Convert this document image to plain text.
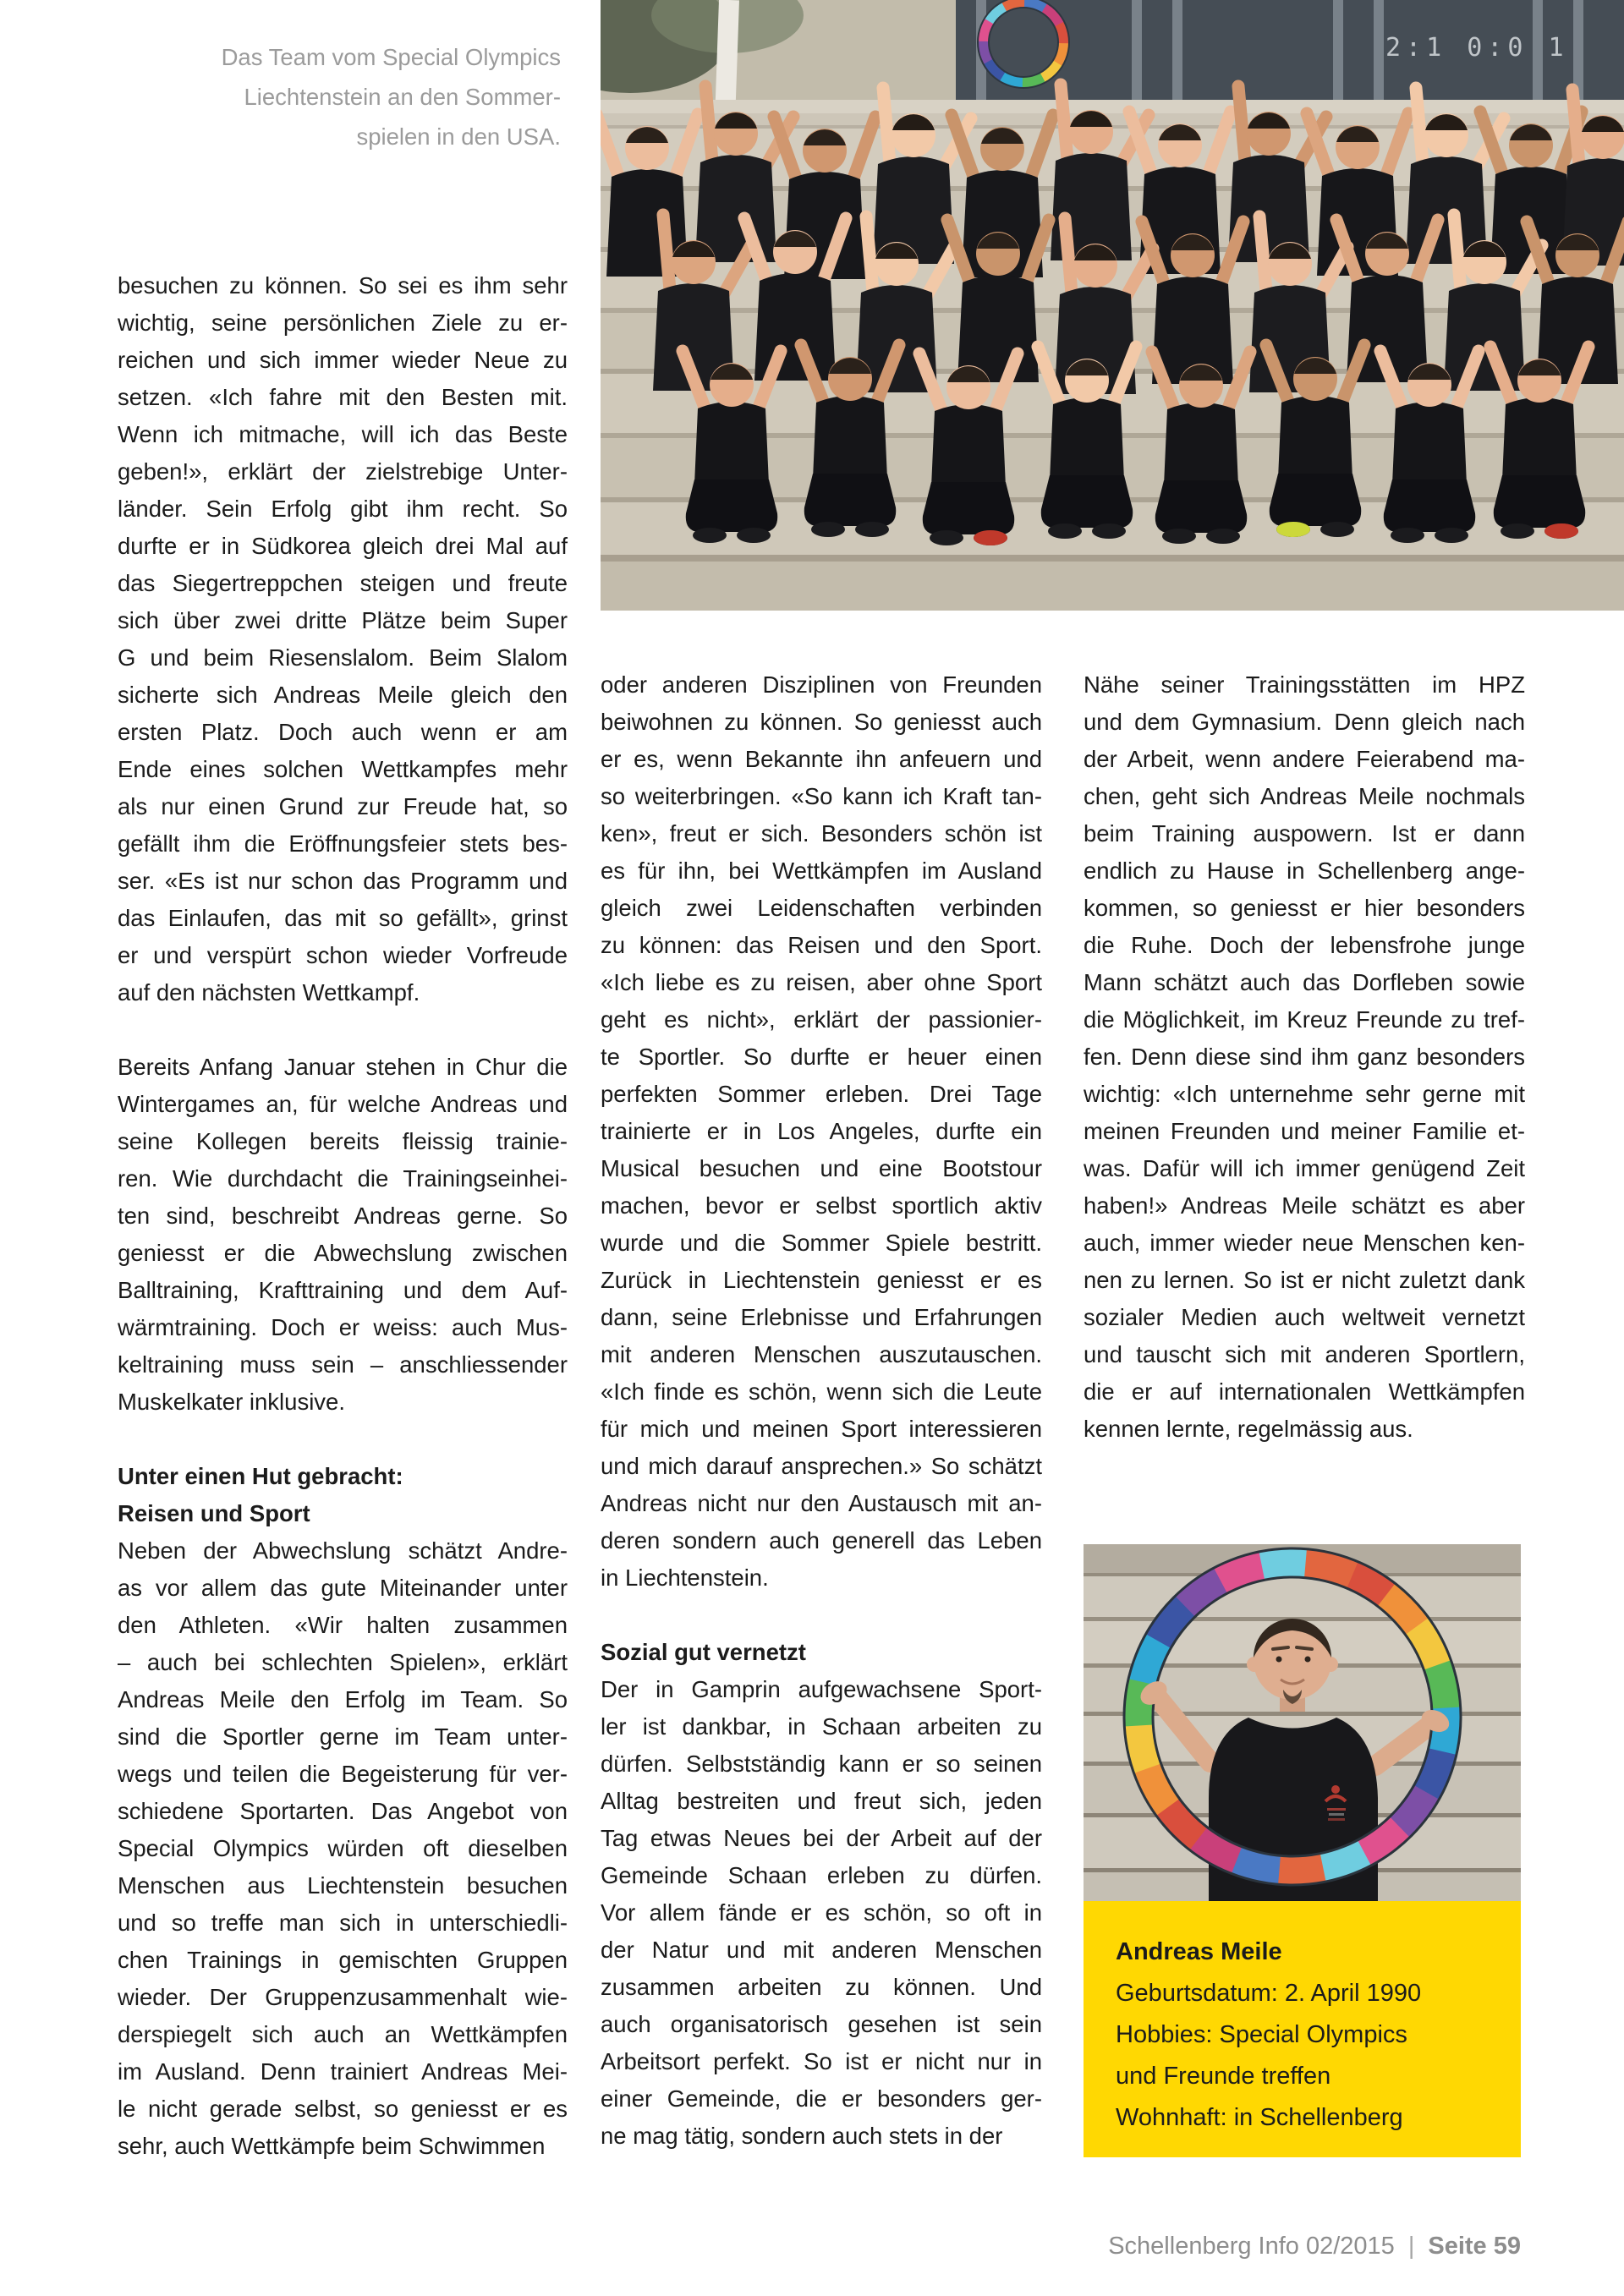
Das Team vom Special Olympics
Liechtenstein an den Sommer-
spielen in den USA.
2:1 0:0 1
besuchen zu können. So sei es ihm sehr
wichtig, seine persönlichen Ziele zu er-
reichen und sich immer wieder Neue zu
setzen. «Ich fahre mit den Besten mit.
Wenn ich mitmache, will ich das Beste
geben!», erklärt der zielstrebige Unter-
länder. Sein Erfolg gibt ihm recht. So
durfte er in Südkorea gleich drei Mal auf
das Siegertreppchen steigen und freute
sich über zwei dritte Plätze beim Super
G und beim Riesenslalom. Beim Slalom
sicherte sich Andreas Meile gleich den
ersten Platz. Doch auch wenn er am
Ende eines solchen Wettkampfes mehr
als nur einen Grund zur Freude hat, so
gefällt ihm die Eröffnungsfeier stets bes-
ser. «Es ist nur schon das Programm und
das Einlaufen, das mit so gefällt», grinst
er und verspürt schon wieder Vorfreude
auf den nächsten Wettkampf.
Bereits Anfang Januar stehen in Chur die
Wintergames an, für welche Andreas und
seine Kollegen bereits fleissig trainie-
ren. Wie durchdacht die Trainingseinhei-
ten sind, beschreibt Andreas gerne. So
geniesst er die Abwechslung zwischen
Balltraining, Krafttraining und dem Auf-
wärmtraining. Doch er weiss: auch Mus-
keltraining muss sein – anschliessender
Muskelkater inklusive.
Unter einen Hut gebracht:
Reisen und Sport
Neben der Abwechslung schätzt Andre-
as vor allem das gute Miteinander unter
den Athleten. «Wir halten zusammen
– auch bei schlechten Spielen», erklärt
Andreas Meile den Erfolg im Team. So
sind die Sportler gerne im Team unter-
wegs und teilen die Begeisterung für ver-
schiedene Sportarten. Das Angebot von
Special Olympics würden oft dieselben
Menschen aus Liechtenstein besuchen
und so treffe man sich in unterschiedli-
chen Trainings in gemischten Gruppen
wieder. Der Gruppenzusammenhalt wie-
derspiegelt sich auch an Wettkämpfen
im Ausland. Denn trainiert Andreas Mei-
le nicht gerade selbst, so geniesst er es
sehr, auch Wettkämpfe beim Schwimmen
oder anderen Disziplinen von Freunden
beiwohnen zu können. So geniesst auch
er es, wenn Bekannte ihn anfeuern und
so weiterbringen. «So kann ich Kraft tan-
ken», freut er sich. Besonders schön ist
es für ihn, bei Wettkämpfen im Ausland
gleich zwei Leidenschaften verbinden
zu können: das Reisen und den Sport.
«Ich liebe es zu reisen, aber ohne Sport
geht es nicht», erklärt der passionier-
te Sportler. So durfte er heuer einen
perfekten Sommer erleben. Drei Tage
trainierte er in Los Angeles, durfte ein
Musical besuchen und eine Bootstour
machen, bevor er selbst sportlich aktiv
wurde und die Sommer Spiele bestritt.
Zurück in Liechtenstein geniesst er es
dann, seine Erlebnisse und Erfahrungen
mit anderen Menschen auszutauschen.
«Ich finde es schön, wenn sich die Leute
für mich und meinen Sport interessieren
und mich darauf ansprechen.» So schätzt
Andreas nicht nur den Austausch mit an-
deren sondern auch generell das Leben
in Liechtenstein.
Sozial gut vernetzt
Der in Gamprin aufgewachsene Sport-
ler ist dankbar, in Schaan arbeiten zu
dürfen. Selbstständig kann er so seinen
Alltag bestreiten und freut sich, jeden
Tag etwas Neues bei der Arbeit auf der
Gemeinde Schaan erleben zu dürfen.
Vor allem fände er es schön, so oft in
der Natur und mit anderen Menschen
zusammen arbeiten zu können. Und
auch organisatorisch gesehen ist sein
Arbeitsort perfekt. So ist er nicht nur in
einer Gemeinde, die er besonders ger-
ne mag tätig, sondern auch stets in der
Nähe seiner Trainingsstätten im HPZ
und dem Gymnasium. Denn gleich nach
der Arbeit, wenn andere Feierabend ma-
chen, geht sich Andreas Meile nochmals
beim Training auspowern. Ist er dann
endlich zu Hause in Schellenberg ange-
kommen, so geniesst er hier besonders
die Ruhe. Doch der lebensfrohe junge
Mann schätzt auch das Dorfleben sowie
die Möglichkeit, im Kreuz Freunde zu tref-
fen. Denn diese sind ihm ganz besonders
wichtig: «Ich unternehme sehr gerne mit
meinen Freunden und meiner Familie et-
was. Dafür will ich immer genügend Zeit
haben!» Andreas Meile schätzt es aber
auch, immer wieder neue Menschen ken-
nen zu lernen. So ist er nicht zuletzt dank
sozialer Medien auch weltweit vernetzt
und tauscht sich mit anderen Sportlern,
die er auf internationalen Wettkämpfen
kennen lernte, regelmässig aus.
Andreas Meile
Geburtsdatum: 2. April 1990
Hobbies: Special Olympics
und Freunde treffen
Wohnhaft: in Schellenberg
Schellenberg Info 02/2015 | Seite 59
